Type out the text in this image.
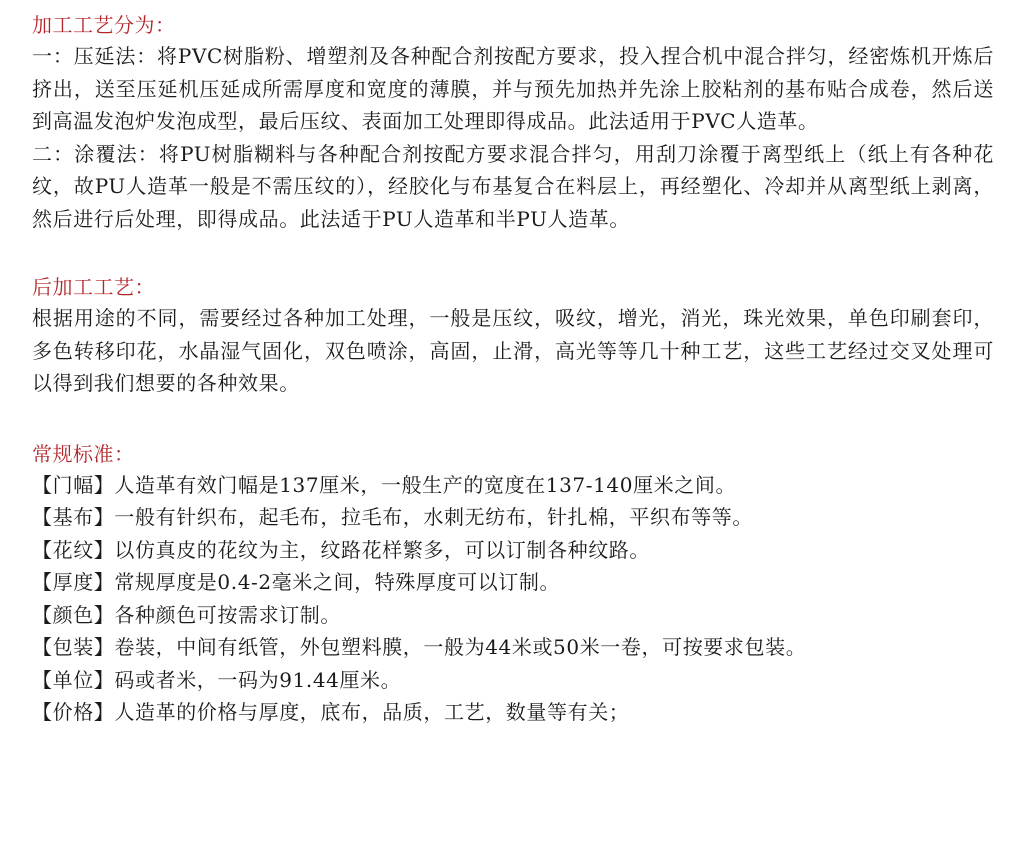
加工工艺分为：

一：压延法：将PVC树脂粉、增塑剂及各种配合剂按配方要求，投入捏合机中混合拌匀，经密炼机开炼后挤出，送至压延机压延成所需厚度和宽度的薄膜，并与预先加热并先涂上胶粘剂的基布贴合成卷，然后送到高温发泡炉发泡成型，最后压纹、表面加工处理即得成品。此法适用于PVC人造革。

二：涂覆法：将PU树脂糊料与各种配合剂按配方要求混合拌匀，用刮刀涂覆于离型纸上（纸上有各种花纹，故PU人造革一般是不需压纹的），经胶化与布基复合在料层上，再经塑化、冷却并从离型纸上剥离，然后进行后处理，即得成品。此法适于PU人造革和半PU人造革。

后加工工艺：

根据用途的不同，需要经过各种加工处理，一般是压纹，吸纹，增光，消光，珠光效果，单色印刷套印，多色转移印花，水晶湿气固化，双色喷涂，高固，止滑，高光等等几十种工艺，这些工艺经过交叉处理可以得到我们想要的各种效果。

常规标准：
【门幅】人造革有效门幅是137厘米，一般生产的宽度在137-140厘米之间。
【基布】一般有针织布，起毛布，拉毛布，水刺无纺布，针扎棉，平织布等等。
【花纹】以仿真皮的花纹为主，纹路花样繁多，可以订制各种纹路。
【厚度】常规厚度是0.4-2毫米之间，特殊厚度可以订制。
【颜色】各种颜色可按需求订制。
【包装】卷装，中间有纸管，外包塑料膜，一般为44米或50米一卷，可按要求包装。
【单位】码或者米，一码为91.44厘米。
【价格】人造革的价格与厚度，底布，品质，工艺，数量等有关；
